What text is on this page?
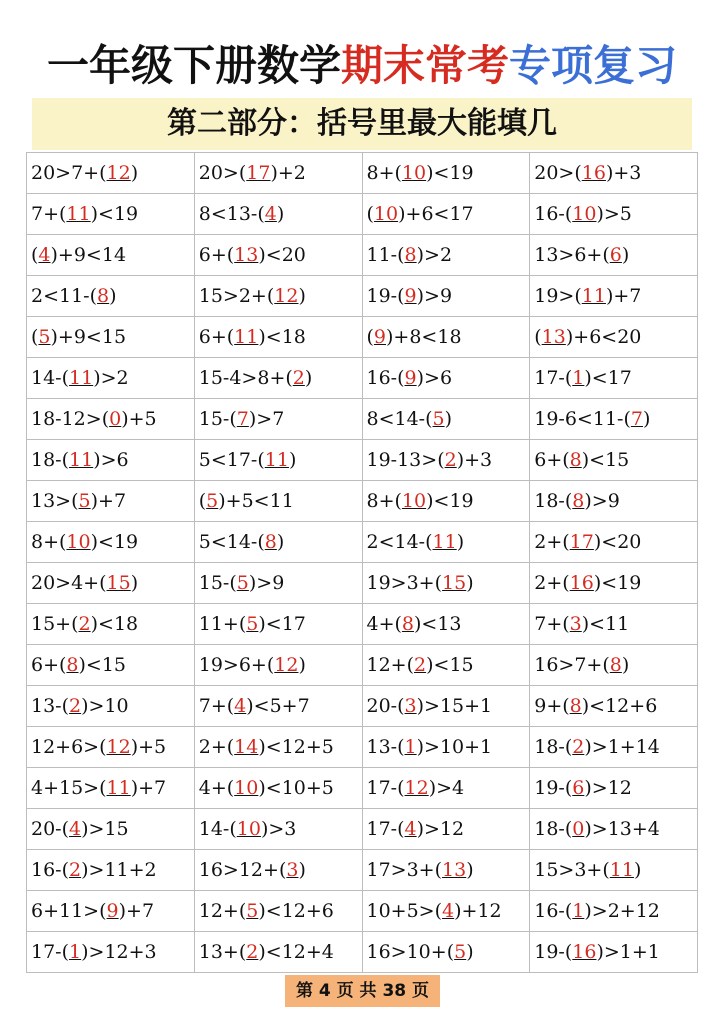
一年级下册数学期末常考专项复习
第二部分：括号里最大能填几
20>7+(12)	20>(17)+2	8+(10)<19	20>(16)+3
7+(11)<19	8<13-(4)	(10)+6<17	16-(10)>5
(4)+9<14	6+(13)<20	11-(8)>2	13>6+(6)
2<11-(8)	15>2+(12)	19-(9)>9	19>(11)+7
(5)+9<15	6+(11)<18	(9)+8<18	(13)+6<20
14-(11)>2	15-4>8+(2)	16-(9)>6	17-(1)<17
18-12>(0)+5	15-(7)>7	8<14-(5)	19-6<11-(7)
18-(11)>6	5<17-(11)	19-13>(2)+3	6+(8)<15
13>(5)+7	(5)+5<11	8+(10)<19	18-(8)>9
8+(10)<19	5<14-(8)	2<14-(11)	2+(17)<20
20>4+(15)	15-(5)>9	19>3+(15)	2+(16)<19
15+(2)<18	11+(5)<17	4+(8)<13	7+(3)<11
6+(8)<15	19>6+(12)	12+(2)<15	16>7+(8)
13-(2)>10	7+(4)<5+7	20-(3)>15+1	9+(8)<12+6
12+6>(12)+5	2+(14)<12+5	13-(1)>10+1	18-(2)>1+14
4+15>(11)+7	4+(10)<10+5	17-(12)>4	19-(6)>12
20-(4)>15	14-(10)>3	17-(4)>12	18-(0)>13+4
16-(2)>11+2	16>12+(3)	17>3+(13)	15>3+(11)
6+11>(9)+7	12+(5)<12+6	10+5>(4)+12	16-(1)>2+12
17-(1)>12+3	13+(2)<12+4	16>10+(5)	19-(16)>1+1
第 4 页 共 38 页
